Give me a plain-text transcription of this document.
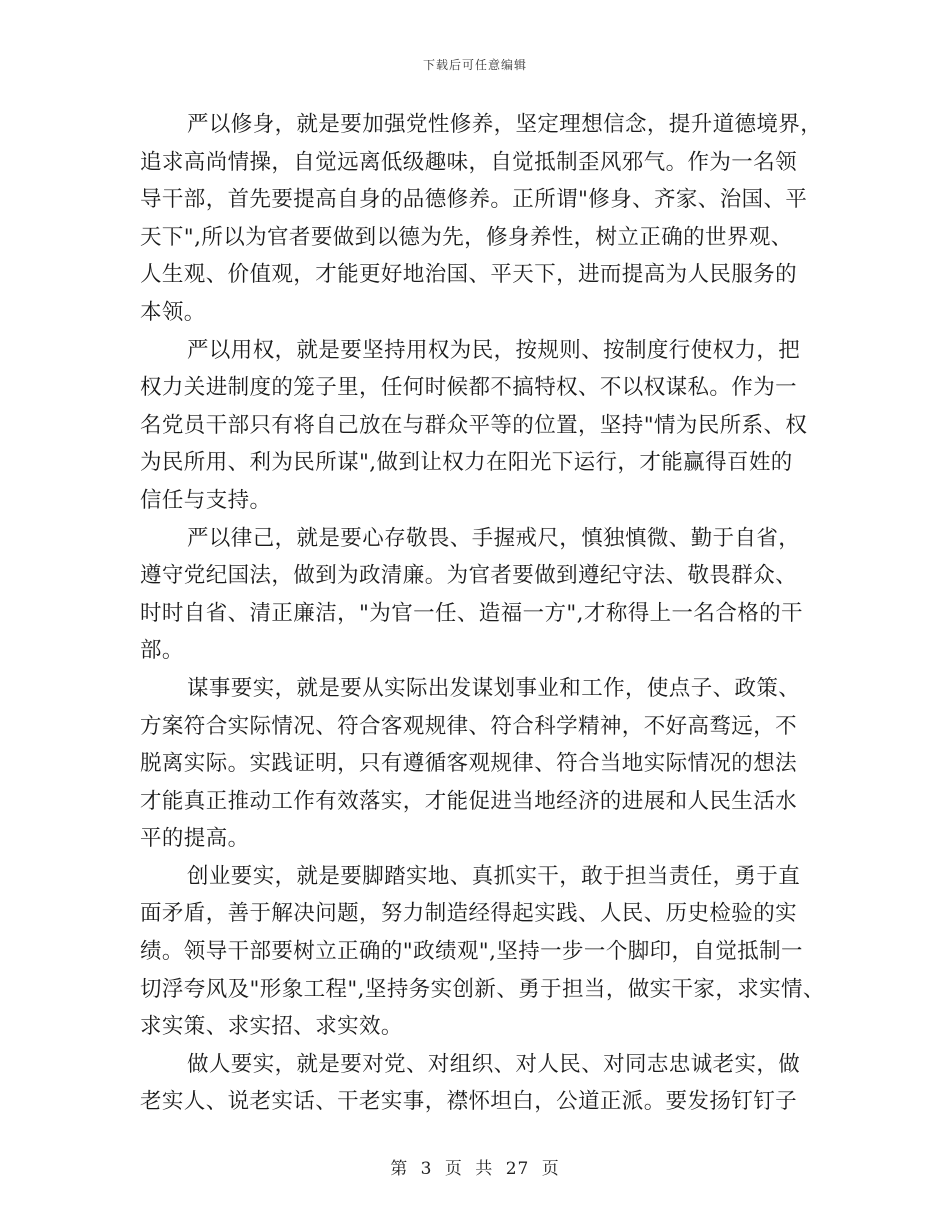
下载后可任意编辑
严以修身，就是要加强党性修养，坚定理想信念，提升道德境界，
追求高尚情操，自觉远离低级趣味，自觉抵制歪风邪气。作为一名领
导干部，首先要提高自身的品德修养。正所谓"修身、齐家、治国、平
天下",所以为官者要做到以德为先，修身养性，树立正确的世界观、
人生观、价值观，才能更好地治国、平天下，进而提高为人民服务的
本领。
严以用权，就是要坚持用权为民，按规则、按制度行使权力，把
权力关进制度的笼子里，任何时候都不搞特权、不以权谋私。作为一
名党员干部只有将自己放在与群众平等的位置，坚持"情为民所系、权
为民所用、利为民所谋",做到让权力在阳光下运行，才能赢得百姓的
信任与支持。
严以律己，就是要心存敬畏、手握戒尺，慎独慎微、勤于自省，
遵守党纪国法，做到为政清廉。为官者要做到遵纪守法、敬畏群众、
时时自省、清正廉洁，"为官一任、造福一方",才称得上一名合格的干
部。
谋事要实，就是要从实际出发谋划事业和工作，使点子、政策、
方案符合实际情况、符合客观规律、符合科学精神，不好高骛远，不
脱离实际。实践证明，只有遵循客观规律、符合当地实际情况的想法
才能真正推动工作有效落实，才能促进当地经济的进展和人民生活水
平的提高。
创业要实，就是要脚踏实地、真抓实干，敢于担当责任，勇于直
面矛盾，善于解决问题，努力制造经得起实践、人民、历史检验的实
绩。领导干部要树立正确的"政绩观",坚持一步一个脚印，自觉抵制一
切浮夸风及"形象工程",坚持务实创新、勇于担当，做实干家，求实情、
求实策、求实招、求实效。
做人要实，就是要对党、对组织、对人民、对同志忠诚老实，做
老实人、说老实话、干老实事，襟怀坦白，公道正派。要发扬钉钉子
第 3 页 共 27 页
